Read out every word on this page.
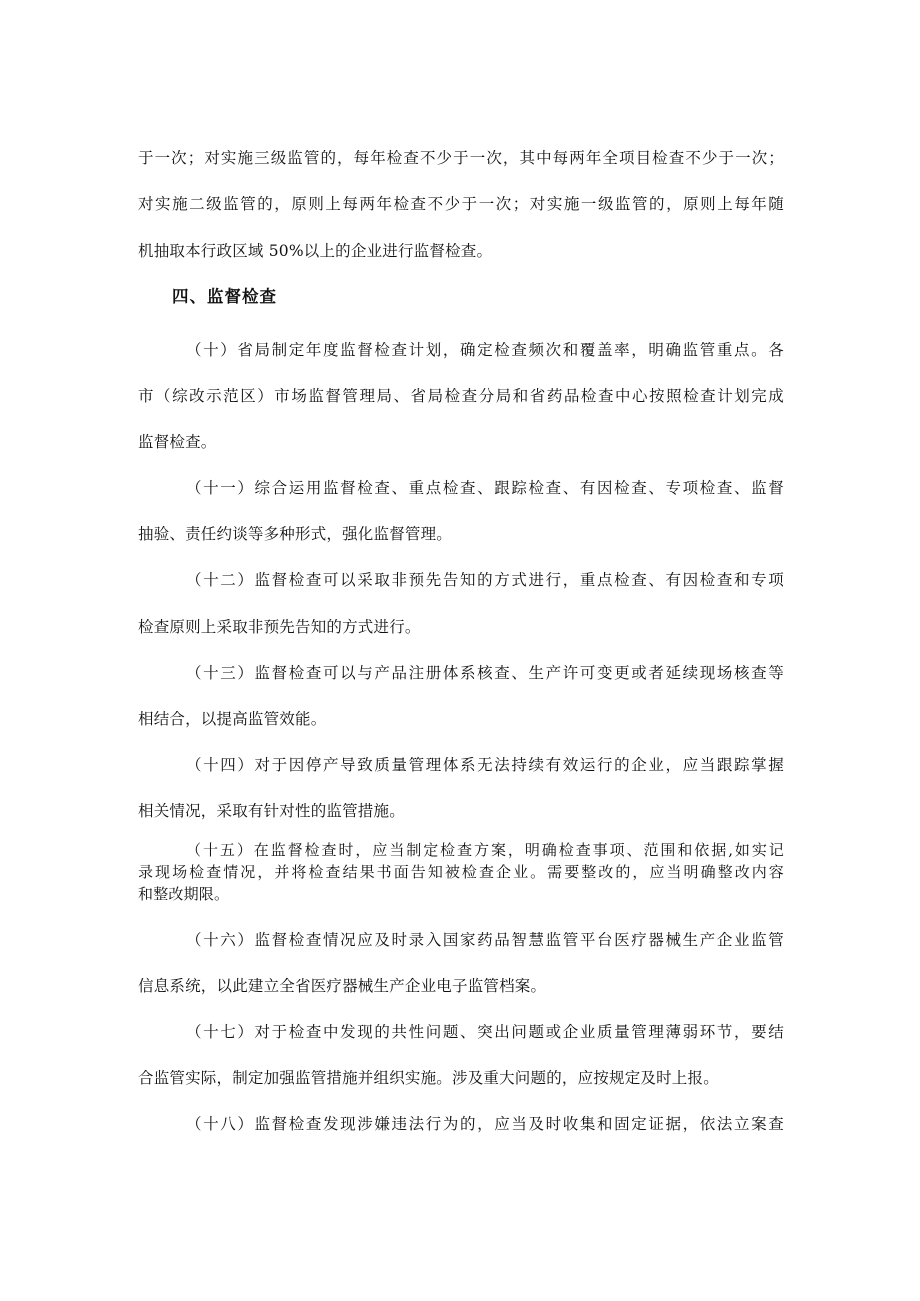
于一次；对实施三级监管的，每年检查不少于一次，其中每两年全项目检查不少于一次；
对实施二级监管的，原则上每两年检查不少于一次；对实施一级监管的，原则上每年随
机抽取本行政区域 50%以上的企业进行监督检查。
四、监督检查
（十）省局制定年度监督检查计划，确定检查频次和覆盖率，明确监管重点。各
市（综改示范区）市场监督管理局、省局检查分局和省药品检查中心按照检查计划完成
监督检查。
（十一）综合运用监督检查、重点检查、跟踪检查、有因检查、专项检查、监督
抽验、责任约谈等多种形式，强化监督管理。
（十二）监督检查可以采取非预先告知的方式进行，重点检查、有因检查和专项
检查原则上采取非预先告知的方式进行。
（十三）监督检查可以与产品注册体系核查、生产许可变更或者延续现场核查等
相结合，以提高监管效能。
（十四）对于因停产导致质量管理体系无法持续有效运行的企业，应当跟踪掌握
相关情况，采取有针对性的监管措施。
（十五）在监督检查时，应当制定检查方案，明确检查事项、范围和依据,如实记
录现场检查情况，并将检查结果书面告知被检查企业。需要整改的，应当明确整改内容
和整改期限。
（十六）监督检查情况应及时录入国家药品智慧监管平台医疗器械生产企业监管
信息系统，以此建立全省医疗器械生产企业电子监管档案。
（十七）对于检查中发现的共性问题、突出问题或企业质量管理薄弱环节，要结
合监管实际，制定加强监管措施并组织实施。涉及重大问题的，应按规定及时上报。
（十八）监督检查发现涉嫌违法行为的，应当及时收集和固定证据，依法立案查
